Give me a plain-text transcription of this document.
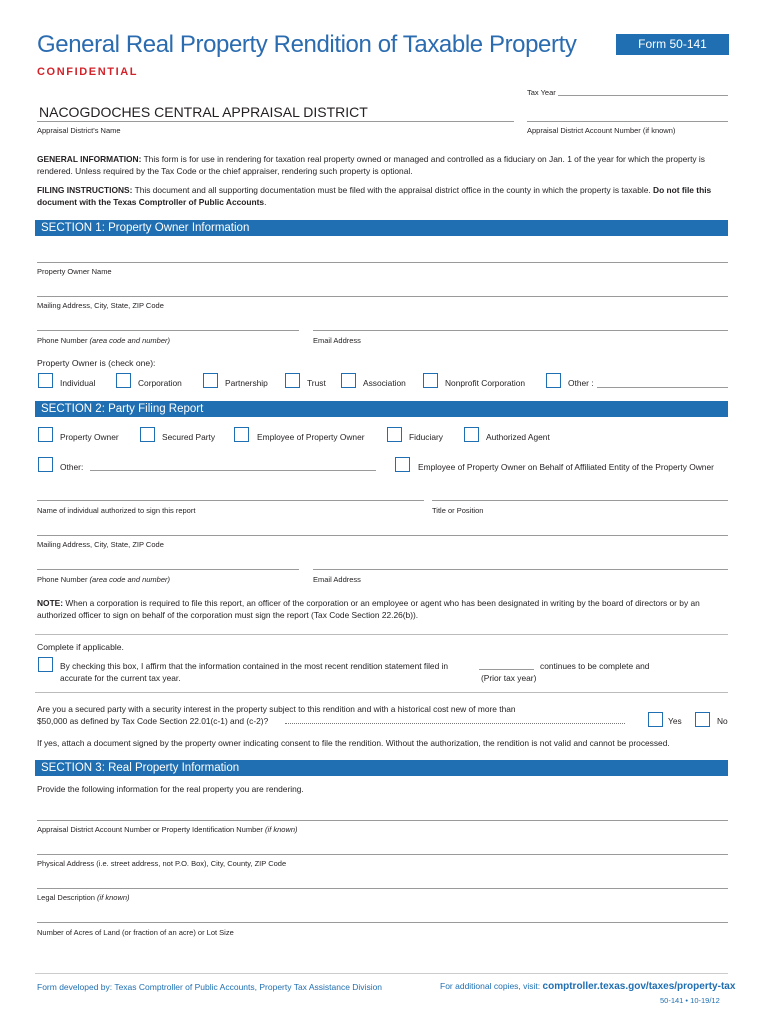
General Real Property Rendition of Taxable Property	Form 50-141
CONFIDENTIAL
Tax Year
NACOGDOCHES CENTRAL APPRAISAL DISTRICT
Appraisal District's Name	Appraisal District Account Number (if known)
GENERAL INFORMATION: This form is for use in rendering for taxation real property owned or managed and controlled as a fiduciary on Jan. 1 of the year for which the property is rendered. Unless required by the Tax Code or the chief appraiser, rendering such property is optional.
FILING INSTRUCTIONS: This document and all supporting documentation must be filed with the appraisal district office in the county in which the property is taxable. Do not file this document with the Texas Comptroller of Public Accounts.
SECTION 1: Property Owner Information
Property Owner Name
Mailing Address, City, State, ZIP Code
Phone Number (area code and number)	Email Address
Property Owner is (check one):
Individual	Corporation	Partnership	Trust	Association	Nonprofit Corporation	Other :
SECTION 2: Party Filing Report
Property Owner	Secured Party	Employee of Property Owner	Fiduciary	Authorized Agent
Other:	Employee of Property Owner on Behalf of Affiliated Entity of the Property Owner
Name of individual authorized to sign this report	Title or Position
Mailing Address, City, State, ZIP Code
Phone Number (area code and number)	Email Address
NOTE: When a corporation is required to file this report, an officer of the corporation or an employee or agent who has been designated in writing by the board of directors or by an authorized officer to sign on behalf of the corporation must sign the report (Tax Code Section 22.26(b)).
Complete if applicable.
By checking this box, I affirm that the information contained in the most recent rendition statement filed in	continues to be complete and
accurate for the current tax year.	(Prior tax year)
Are you a secured party with a security interest in the property subject to this rendition and with a historical cost new of more than
$50,000 as defined by Tax Code Section 22.01(c-1) and (c-2)?	Yes	No
If yes, attach a document signed by the property owner indicating consent to file the rendition. Without the authorization, the rendition is not valid and cannot be processed.
SECTION 3: Real Property Information
Provide the following information for the real property you are rendering.
Appraisal District Account Number or Property Identification Number (if known)
Physical Address (i.e. street address, not P.O. Box), City, County, ZIP Code
Legal Description (if known)
Number of Acres of Land (or fraction of an acre) or Lot Size
Form developed by: Texas Comptroller of Public Accounts, Property Tax Assistance Division	For additional copies, visit: comptroller.texas.gov/taxes/property-tax
50-141 • 10-19/12
